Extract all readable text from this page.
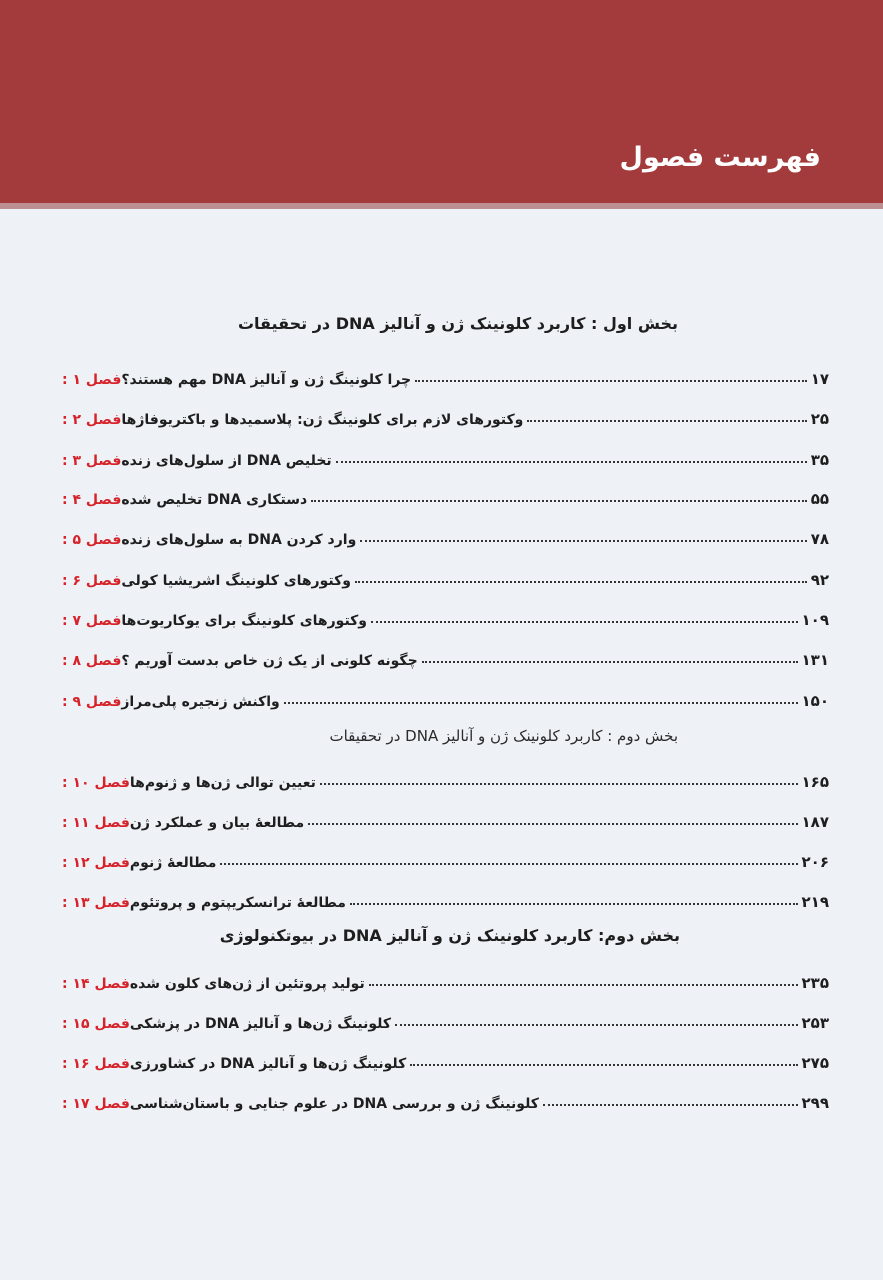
فهرست فصول
بخش اول : کاربرد کلونینک ژن و آنالیز DNA در تحقیقات
فصل ۱ : چرا کلونینگ ژن و آنالیز DNA مهم هستند؟	۱۷
فصل ۲ : وکتورهای لازم برای کلونینگ ژن: پلاسمیدها و باکتریوفاژها	۲۵
فصل ۳ : تخلیص DNA از سلول‌های زنده	۳۵
فصل ۴ : دستکاری DNA تخلیص شده	۵۵
فصل ۵ : وارد کردن DNA به سلول‌های زنده	۷۸
فصل ۶ : وکتورهای کلونینگ اشریشیا کولی	۹۲
فصل ۷ : وکتورهای کلونینگ برای یوکاریوت‌ها	۱۰۹
فصل ۸ : چگونه کلونی از یک ژن خاص بدست آوریم ؟	۱۳۱
فصل ۹ : واکنش زنجیره پلی‌مراز	۱۵۰
بخش دوم : کاربرد کلونینک ژن و آنالیز DNA در تحقیقات
فصل ۱۰ : تعیین توالی ژن‌ها و ژنوم‌ها	۱۶۵
فصل ۱۱ : مطالعهٔ بیان و عملکرد ژن	۱۸۷
فصل ۱۲ : مطالعهٔ ژنوم	۲۰۶
فصل ۱۳ : مطالعهٔ ترانسکریپتوم و پروتئوم	۲۱۹
بخش دوم: کاربرد کلونینک ژن و آنالیز DNA در بیوتکنولوژی
فصل ۱۴ : تولید پروتئین از ژن‌های کلون شده	۲۳۵
فصل ۱۵ : کلونینگ ژن‌ها و آنالیز DNA در پزشکی	۲۵۳
فصل ۱۶ : کلونینگ ژن‌ها و آنالیز DNA در کشاورزی	۲۷۵
فصل ۱۷ : کلونینگ ژن و بررسی DNA در علوم جنایی و باستان‌شناسی	۲۹۹
